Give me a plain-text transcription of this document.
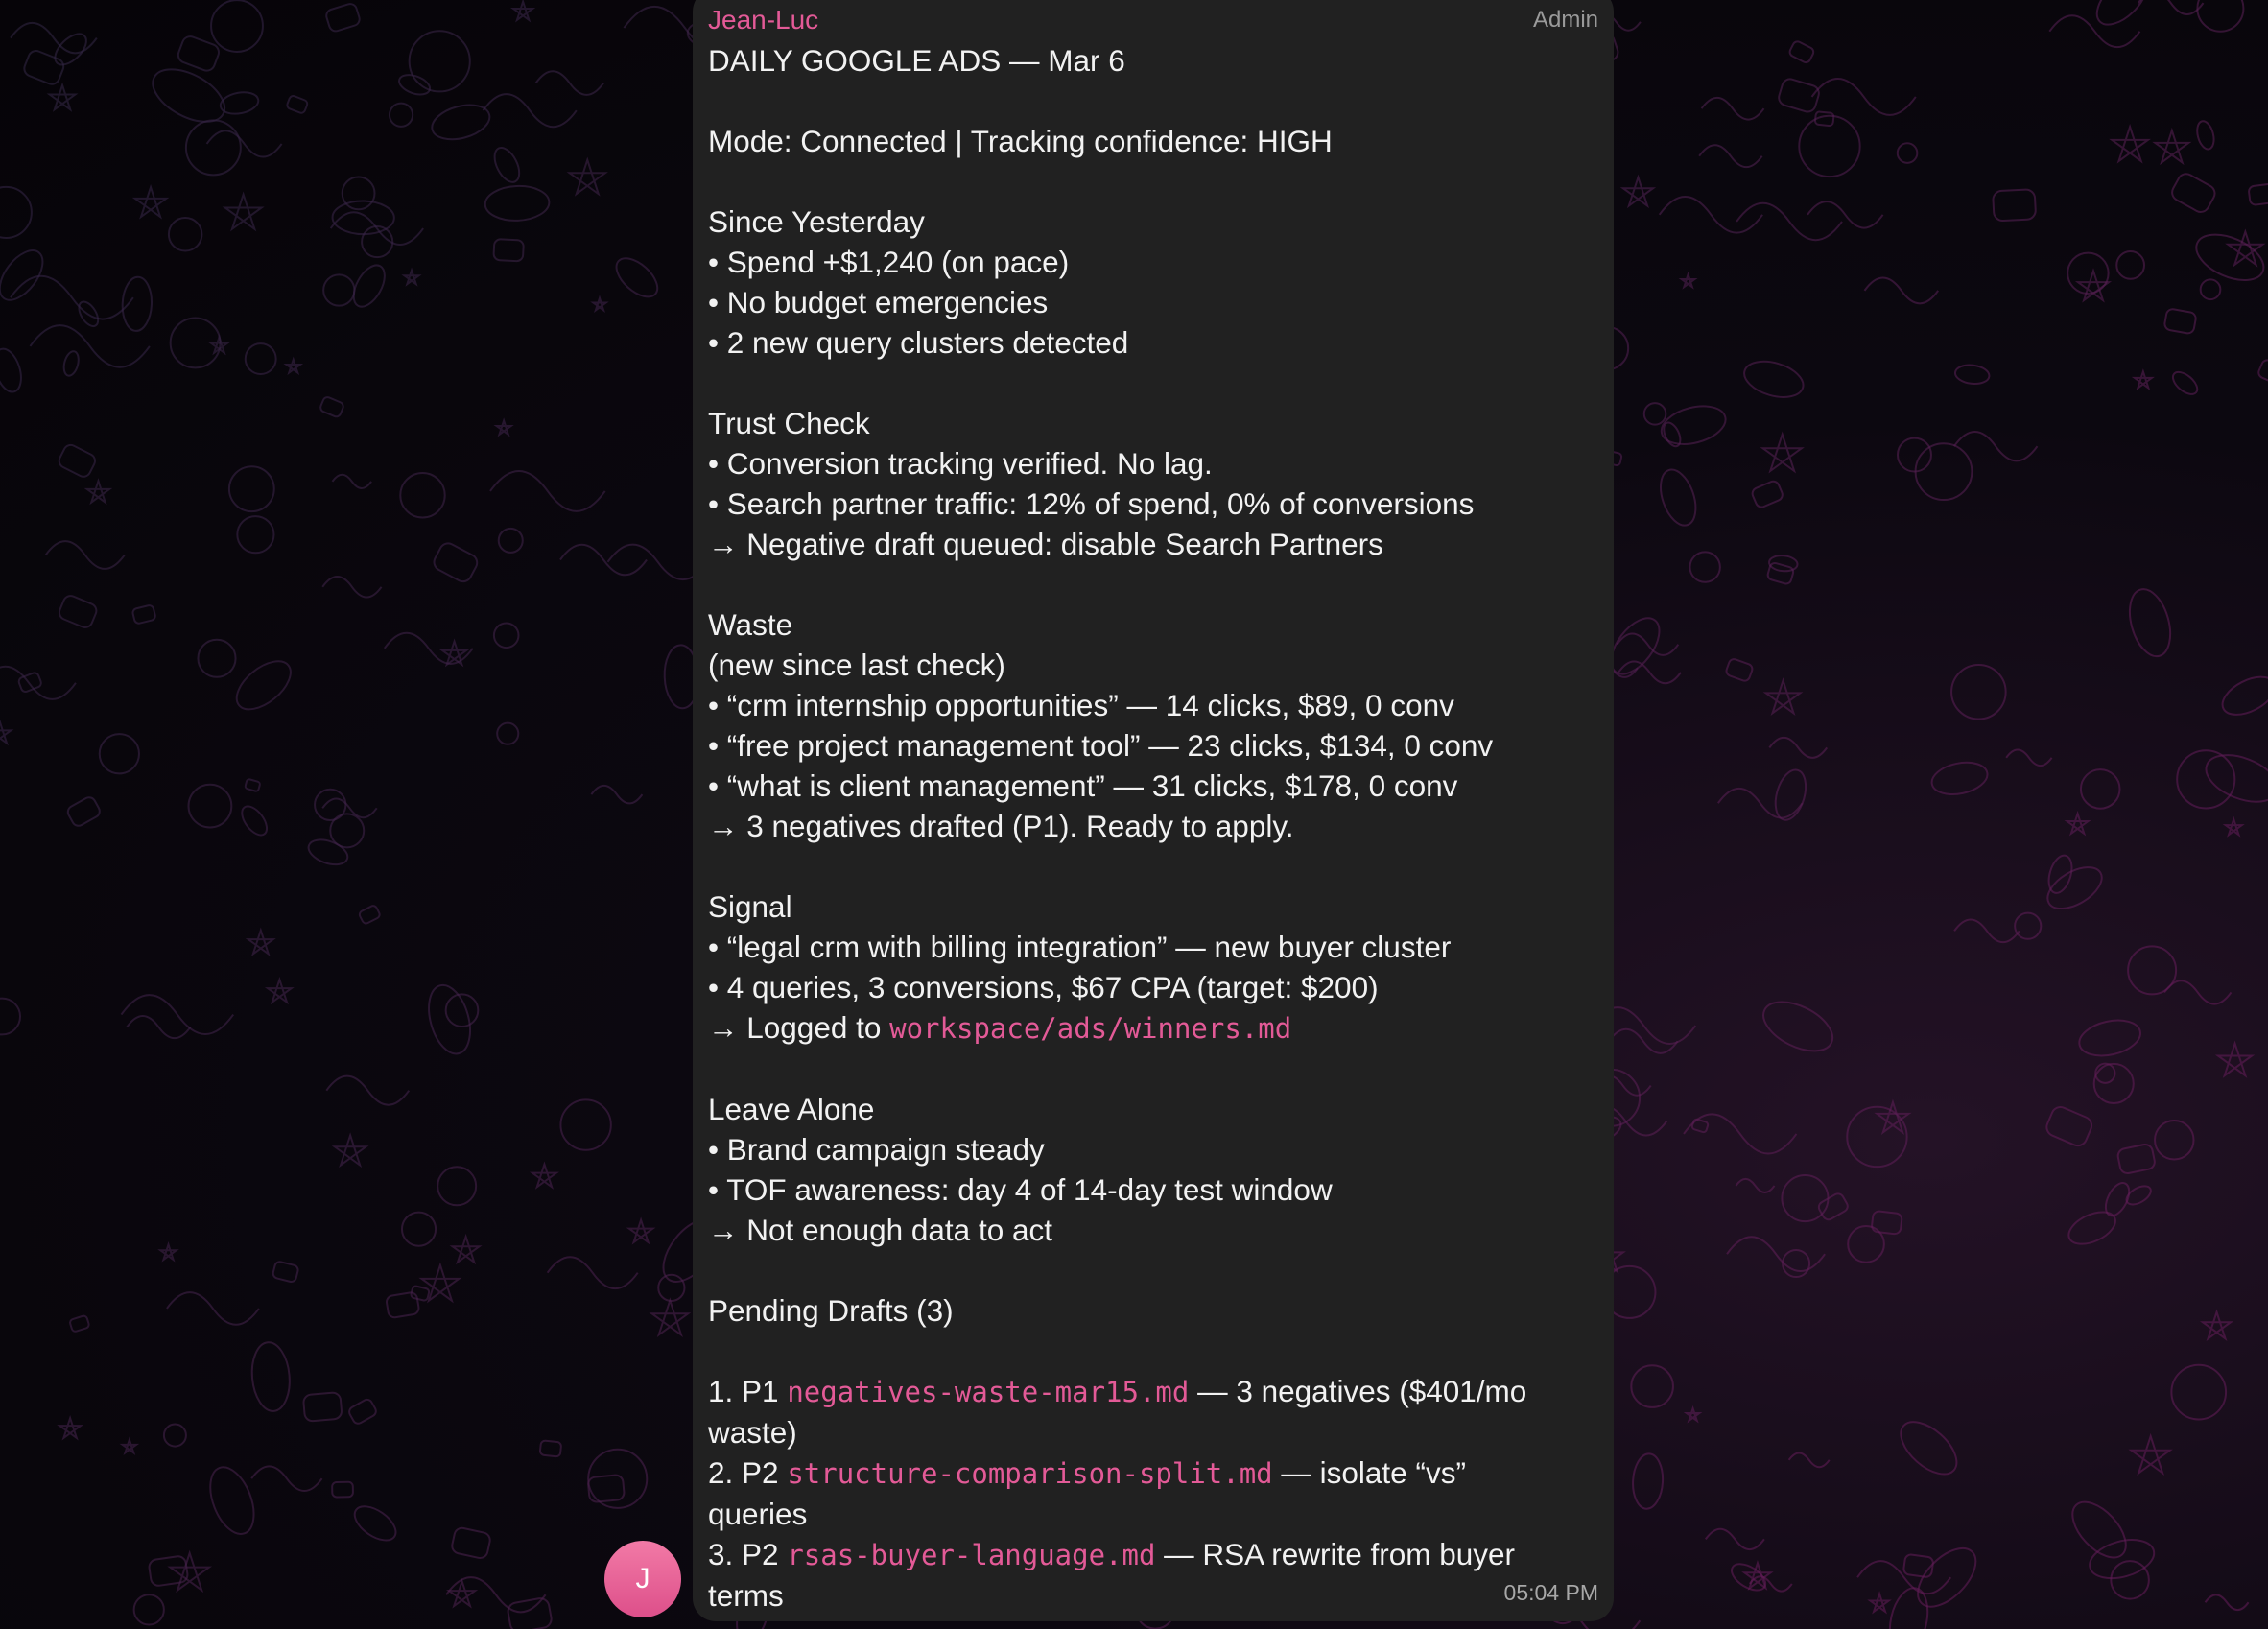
Jean-Luc	Admin
DAILY GOOGLE ADS — Mar 6
Mode: Connected | Tracking confidence: HIGH
Since Yesterday
• Spend +$1,240 (on pace)
• No budget emergencies
• 2 new query clusters detected
Trust Check
• Conversion tracking verified. No lag.
• Search partner traffic: 12% of spend, 0% of conversions
→ Negative draft queued: disable Search Partners
Waste
(new since last check)
• “crm internship opportunities” — 14 clicks, $89, 0 conv
• “free project management tool” — 23 clicks, $134, 0 conv
• “what is client management” — 31 clicks, $178, 0 conv
→ 3 negatives drafted (P1). Ready to apply.
Signal
• “legal crm with billing integration” — new buyer cluster
• 4 queries, 3 conversions, $67 CPA (target: $200)
→ Logged to workspace/ads/winners.md
Leave Alone
• Brand campaign steady
• TOF awareness: day 4 of 14-day test window
→ Not enough data to act
Pending Drafts (3)
1. P1 negatives-waste-mar15.md — 3 negatives ($401/mo
waste)
2. P2 structure-comparison-split.md — isolate “vs”
queries
3. P2 rsas-buyer-language.md — RSA rewrite from buyer
terms	05:04 PM
J
